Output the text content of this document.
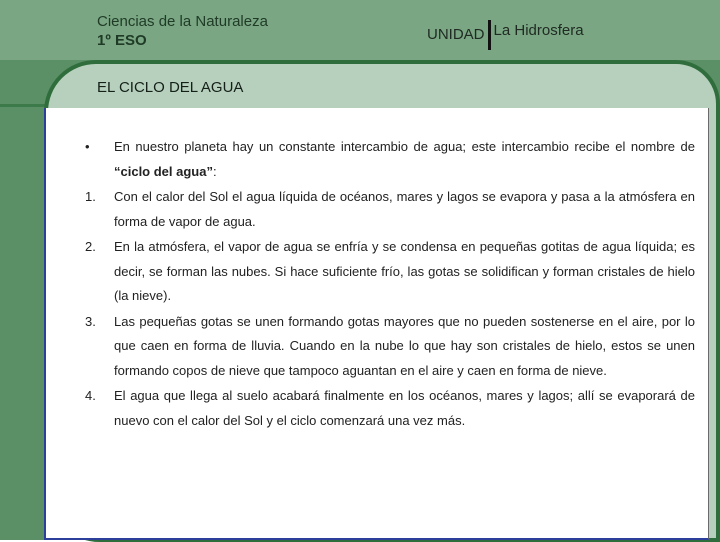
Ciencias de la Naturaleza
1º ESO	UNIDAD La Hidrosfera
EL CICLO DEL AGUA
•	En nuestro planeta hay un constante intercambio de agua; este intercambio recibe el nombre de “ciclo del agua”:
1.	Con el calor del Sol el agua líquida de océanos, mares y lagos se evapora y pasa a la atmósfera en forma de vapor de agua.
2.	En la atmósfera, el vapor de agua se enfría y se condensa en pequeñas gotitas de agua líquida; es decir, se forman las nubes. Si hace suficiente frío, las gotas se solidifican y forman cristales de hielo (la nieve).
3.	Las pequeñas gotas se unen formando gotas mayores que no pueden sostenerse en el aire, por lo que caen en forma de lluvia. Cuando en la nube lo que hay son cristales de hielo, estos se unen formando copos de nieve que tampoco aguantan en el aire y caen en forma de nieve.
4.	El agua que llega al suelo acabará finalmente en los océanos, mares y lagos; allí se evaporará de nuevo con el calor del Sol y el ciclo comenzará una vez más.
